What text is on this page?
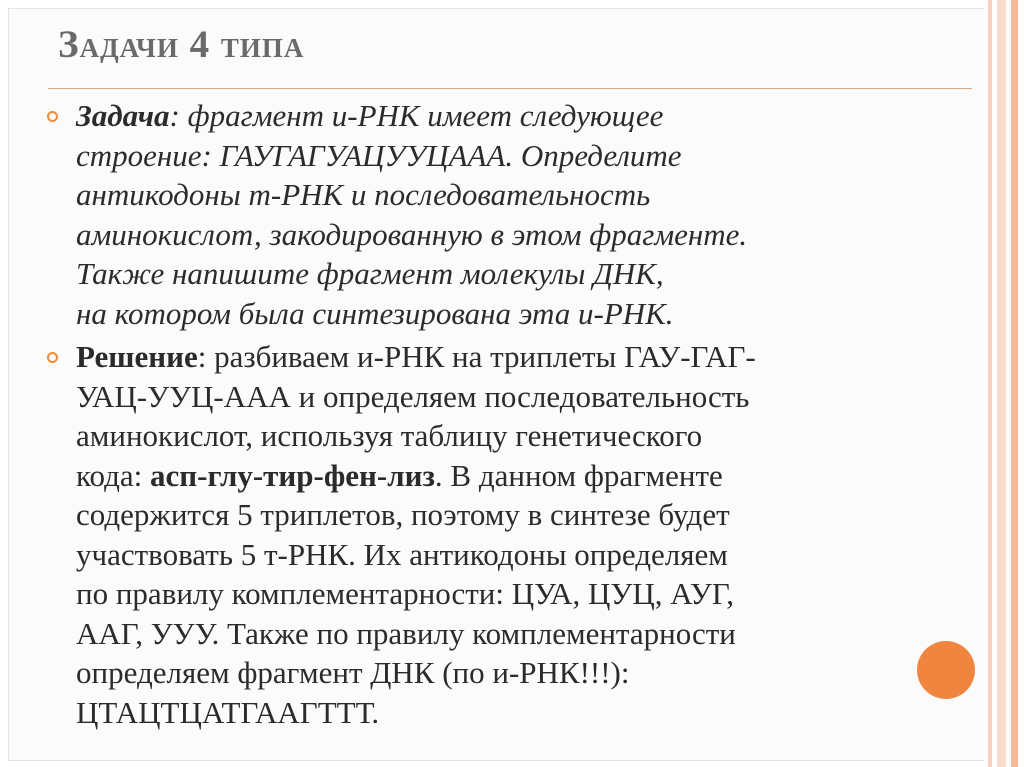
Задачи 4 типа
Задача: фрагмент и-РНК имеет следующее
строение: ГАУГАГУАЦУУЦААА. Определите
антикодоны т-РНК и последовательность
аминокислот, закодированную в этом фрагменте.
Также напишите фрагмент молекулы ДНК,
на котором была синтезирована эта и-РНК.
Решение: разбиваем и-РНК на триплеты ГАУ-ГАГ-
УАЦ-УУЦ-ААА и определяем последовательность
аминокислот, используя таблицу генетического
кода: асп-глу-тир-фен-лиз. В данном фрагменте
содержится 5 триплетов, поэтому в синтезе будет
участвовать 5 т-РНК. Их антикодоны определяем
по правилу комплементарности: ЦУА, ЦУЦ, АУГ,
ААГ, УУУ. Также по правилу комплементарности
определяем фрагмент ДНК (по и-РНК!!!):
ЦТАЦТЦАТГААГТТТ.
